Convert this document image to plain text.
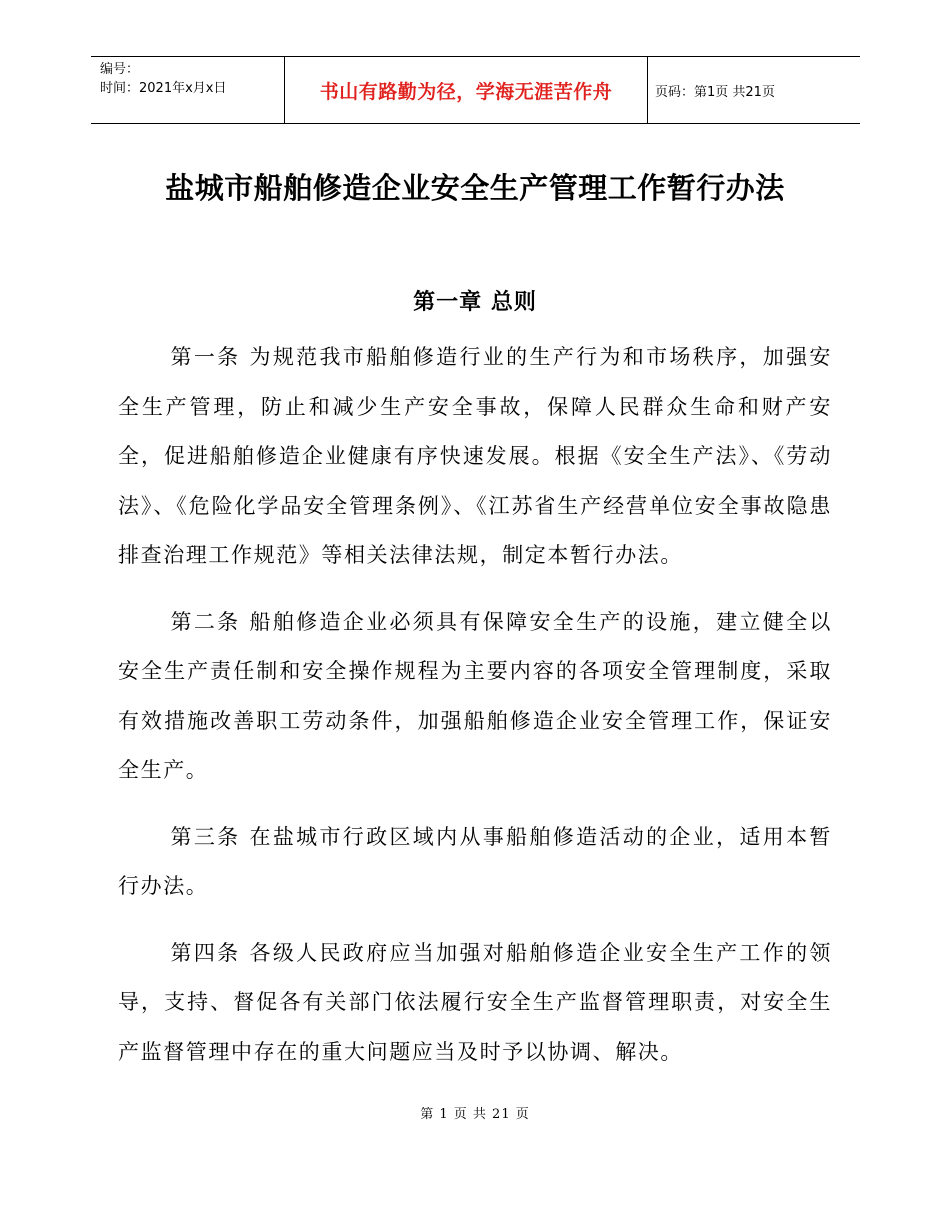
编号：
时间：2021年x月x日	书山有路勤为径，学海无涯苦作舟	页码：第1页 共21页
盐城市船舶修造企业安全生产管理工作暂行办法
第一章 总则

第一条 为规范我市船舶修造行业的生产行为和市场秩序，加强安全生产管理，防止和减少生产安全事故，保障人民群众生命和财产安全，促进船舶修造企业健康有序快速发展。根据《安全生产法》、《劳动法》、《危险化学品安全管理条例》、《江苏省生产经营单位安全事故隐患排查治理工作规范》等相关法律法规，制定本暂行办法。

第二条 船舶修造企业必须具有保障安全生产的设施，建立健全以安全生产责任制和安全操作规程为主要内容的各项安全管理制度，采取有效措施改善职工劳动条件，加强船舶修造企业安全管理工作，保证安全生产。

第三条 在盐城市行政区域内从事船舶修造活动的企业，适用本暂行办法。

第四条 各级人民政府应当加强对船舶修造企业安全生产工作的领导，支持、督促各有关部门依法履行安全生产监督管理职责，对安全生产监督管理中存在的重大问题应当及时予以协调、解决。

第 1 页 共 21 页
